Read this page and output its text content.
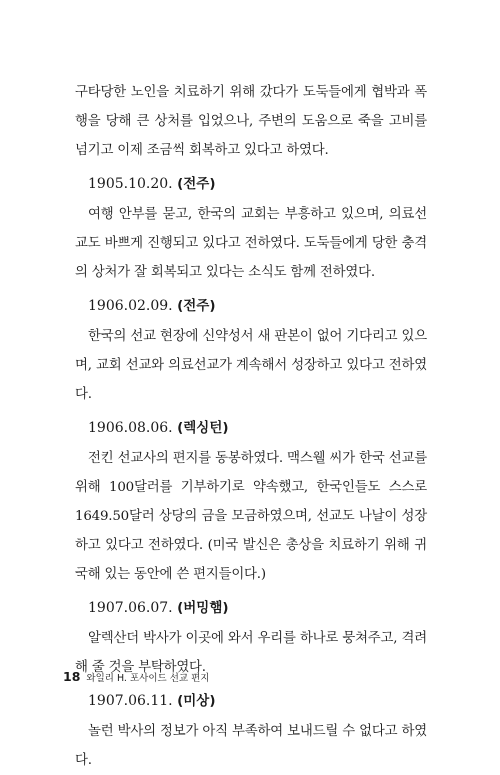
구타당한 노인을 치료하기 위해 갔다가 도둑들에게 협박과 폭행을 당해 큰 상처를 입었으나, 주변의 도움으로 죽을 고비를 넘기고 이제 조금씩 회복하고 있다고 하였다.

1905.10.20. (전주)

여행 안부를 묻고, 한국의 교회는 부흥하고 있으며, 의료선교도 바쁘게 진행되고 있다고 전하였다. 도둑들에게 당한 충격의 상처가 잘 회복되고 있다는 소식도 함께 전하였다.

1906.02.09. (전주)

한국의 선교 현장에 신약성서 새 판본이 없어 기다리고 있으며, 교회 선교와 의료선교가 계속해서 성장하고 있다고 전하였다.

1906.08.06. (렉싱턴)

전킨 선교사의 편지를 동봉하였다. 맥스웰 씨가 한국 선교를 위해 100달러를 기부하기로 약속했고, 한국인들도 스스로 1649.50달러 상당의 금을 모금하였으며, 선교도 나날이 성장하고 있다고 전하였다. (미국 발신은 총상을 치료하기 위해 귀국해 있는 동안에 쓴 편지들이다.)

1907.06.07. (버밍햄)

알렉산더 박사가 이곳에 와서 우리를 하나로 뭉쳐주고, 격려해 줄 것을 부탁하였다.

1907.06.11. (미상)

놀런 박사의 정보가 아직 부족하여 보내드릴 수 없다고 하였다.

18 와일리 H. 포사이드 선교 편지
